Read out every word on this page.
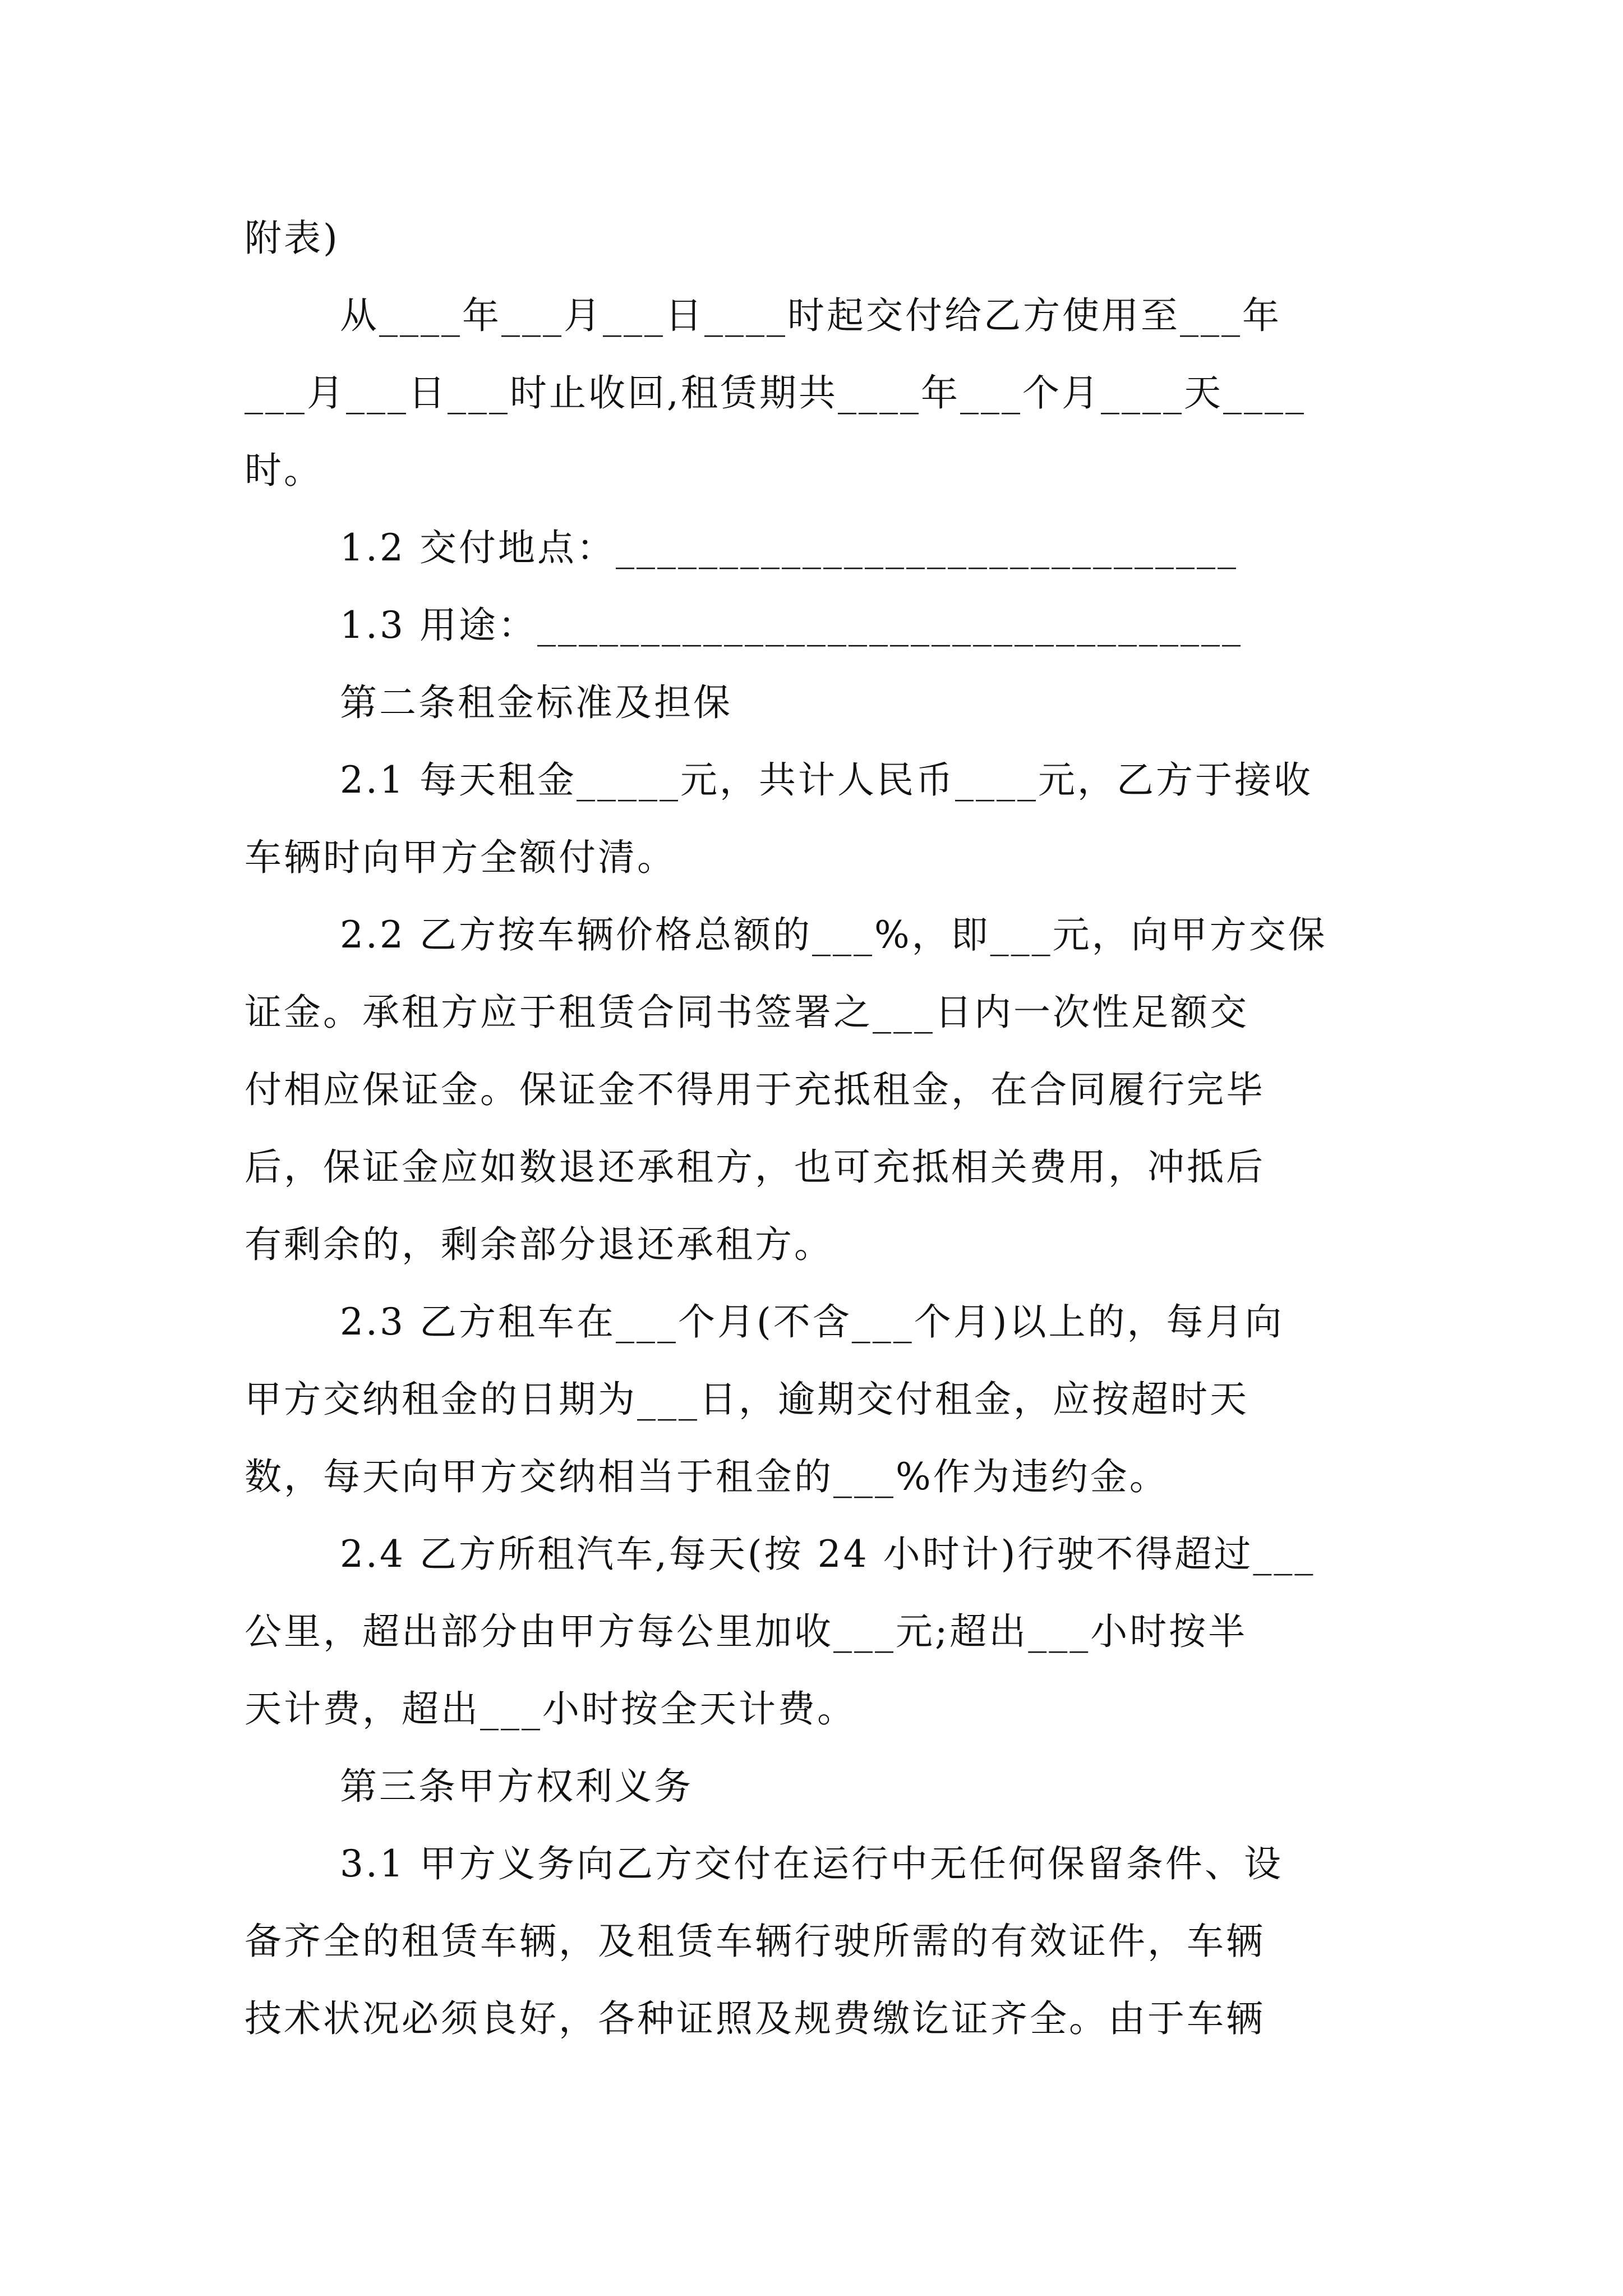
附表)
从____年___月___日____时起交付给乙方使用至___年
___月___日___时止收回,租赁期共____年___个月____天____
时。
1.2 交付地点：______________________________
1.3 用途：__________________________________
第二条租金标准及担保
2.1 每天租金_____元，共计人民币____元，乙方于接收
车辆时向甲方全额付清。
2.2 乙方按车辆价格总额的___%，即___元，向甲方交保
证金。承租方应于租赁合同书签署之___日内一次性足额交
付相应保证金。保证金不得用于充抵租金，在合同履行完毕
后，保证金应如数退还承租方，也可充抵相关费用，冲抵后
有剩余的，剩余部分退还承租方。
2.3 乙方租车在___个月(不含___个月)以上的，每月向
甲方交纳租金的日期为___日，逾期交付租金，应按超时天
数，每天向甲方交纳相当于租金的___%作为违约金。
2.4 乙方所租汽车,每天(按 24 小时计)行驶不得超过___
公里，超出部分由甲方每公里加收___元;超出___小时按半
天计费，超出___小时按全天计费。
第三条甲方权利义务
3.1 甲方义务向乙方交付在运行中无任何保留条件、设
备齐全的租赁车辆，及租赁车辆行驶所需的有效证件，车辆
技术状况必须良好，各种证照及规费缴讫证齐全。由于车辆
